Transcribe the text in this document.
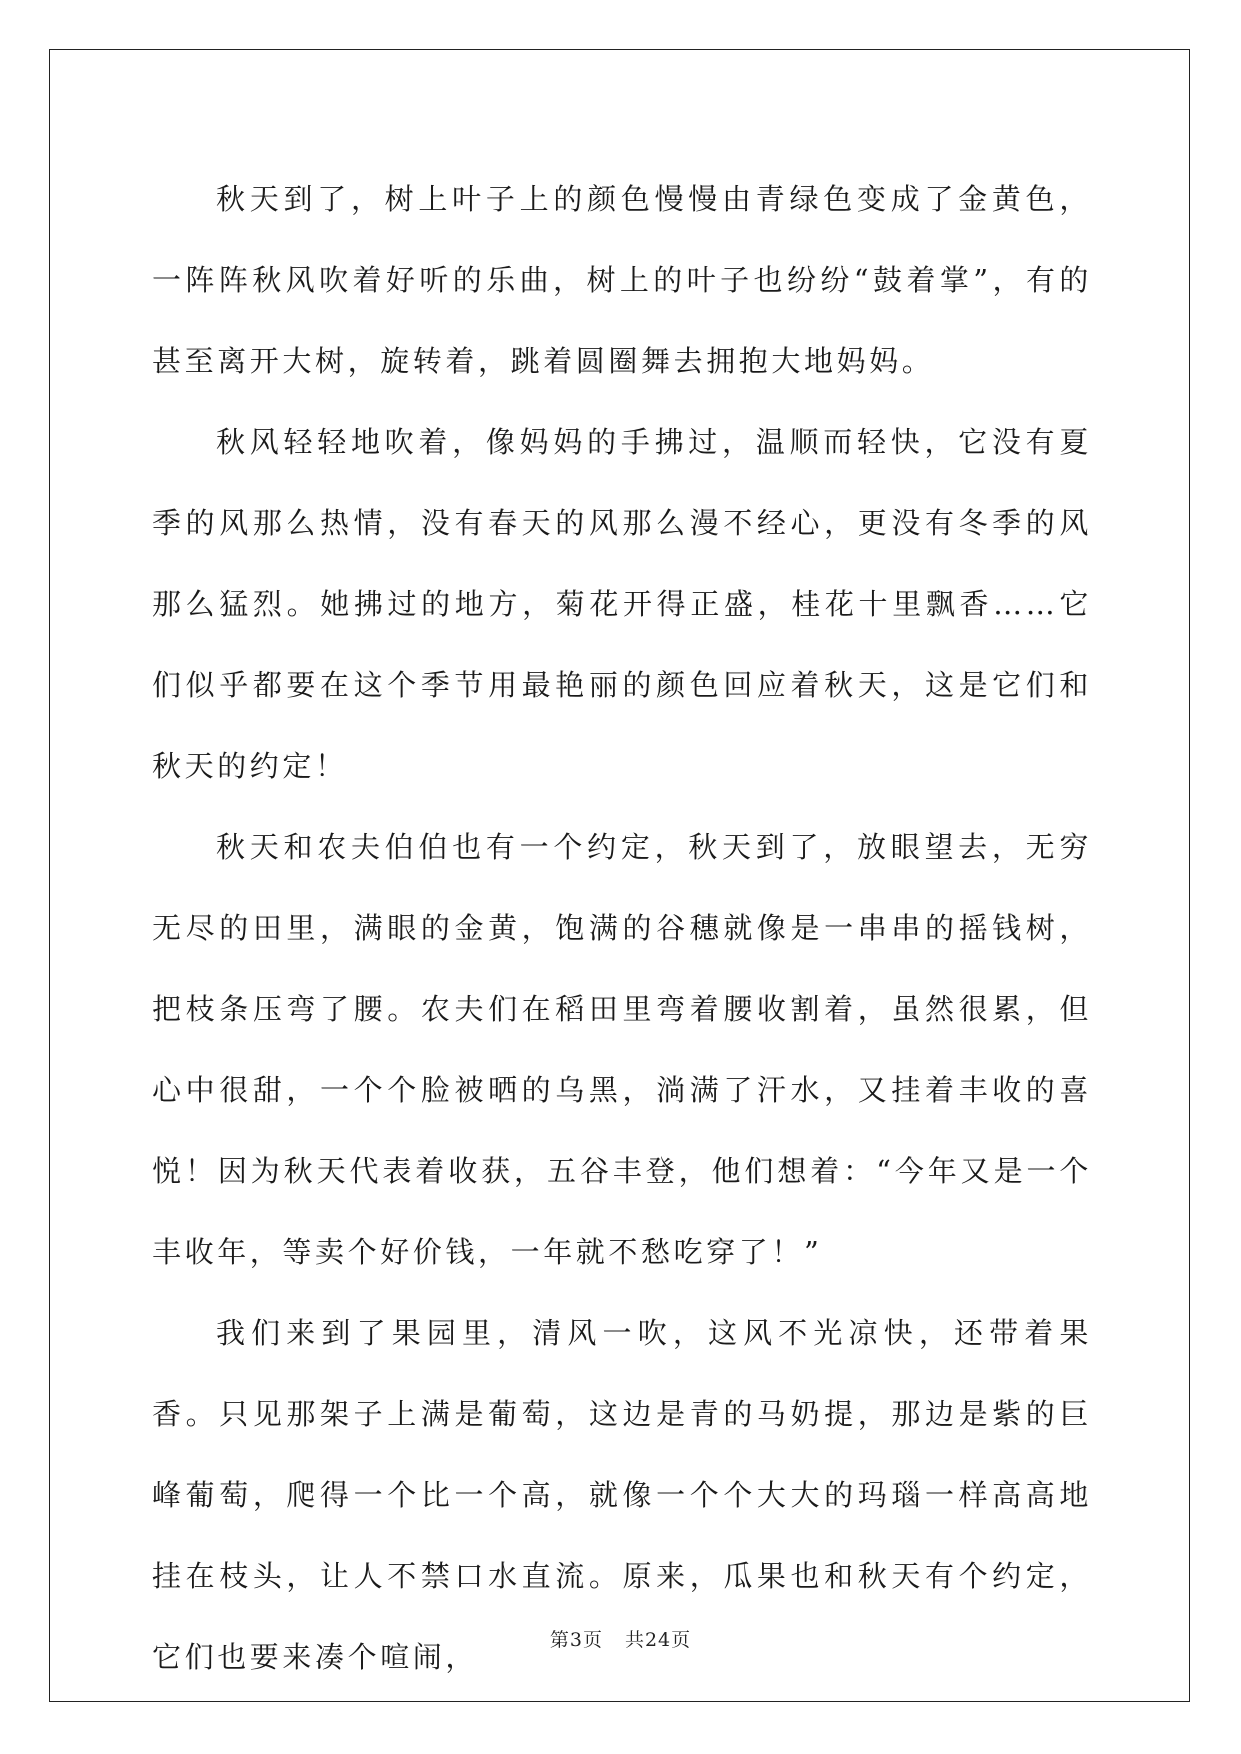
秋天到了，树上叶子上的颜色慢慢由青绿色变成了金黄色，一阵阵秋风吹着好听的乐曲，树上的叶子也纷纷“鼓着掌”，有的甚至离开大树，旋转着，跳着圆圈舞去拥抱大地妈妈。

秋风轻轻地吹着，像妈妈的手拂过，温顺而轻快，它没有夏季的风那么热情，没有春天的风那么漫不经心，更没有冬季的风那么猛烈。她拂过的地方，菊花开得正盛，桂花十里飘香……它们似乎都要在这个季节用最艳丽的颜色回应着秋天，这是它们和秋天的约定！

秋天和农夫伯伯也有一个约定，秋天到了，放眼望去，无穷无尽的田里，满眼的金黄，饱满的谷穗就像是一串串的摇钱树，把枝条压弯了腰。农夫们在稻田里弯着腰收割着，虽然很累，但心中很甜，一个个脸被晒的乌黑，淌满了汗水，又挂着丰收的喜悦！因为秋天代表着收获，五谷丰登，他们想着：“今年又是一个丰收年，等卖个好价钱，一年就不愁吃穿了！”

我们来到了果园里，清风一吹，这风不光凉快，还带着果香。只见那架子上满是葡萄，这边是青的马奶提，那边是紫的巨峰葡萄，爬得一个比一个高，就像一个个大大的玛瑙一样高高地挂在枝头，让人不禁口水直流。原来，瓜果也和秋天有个约定，它们也要来凑个喧闹，	第3页 共24页
